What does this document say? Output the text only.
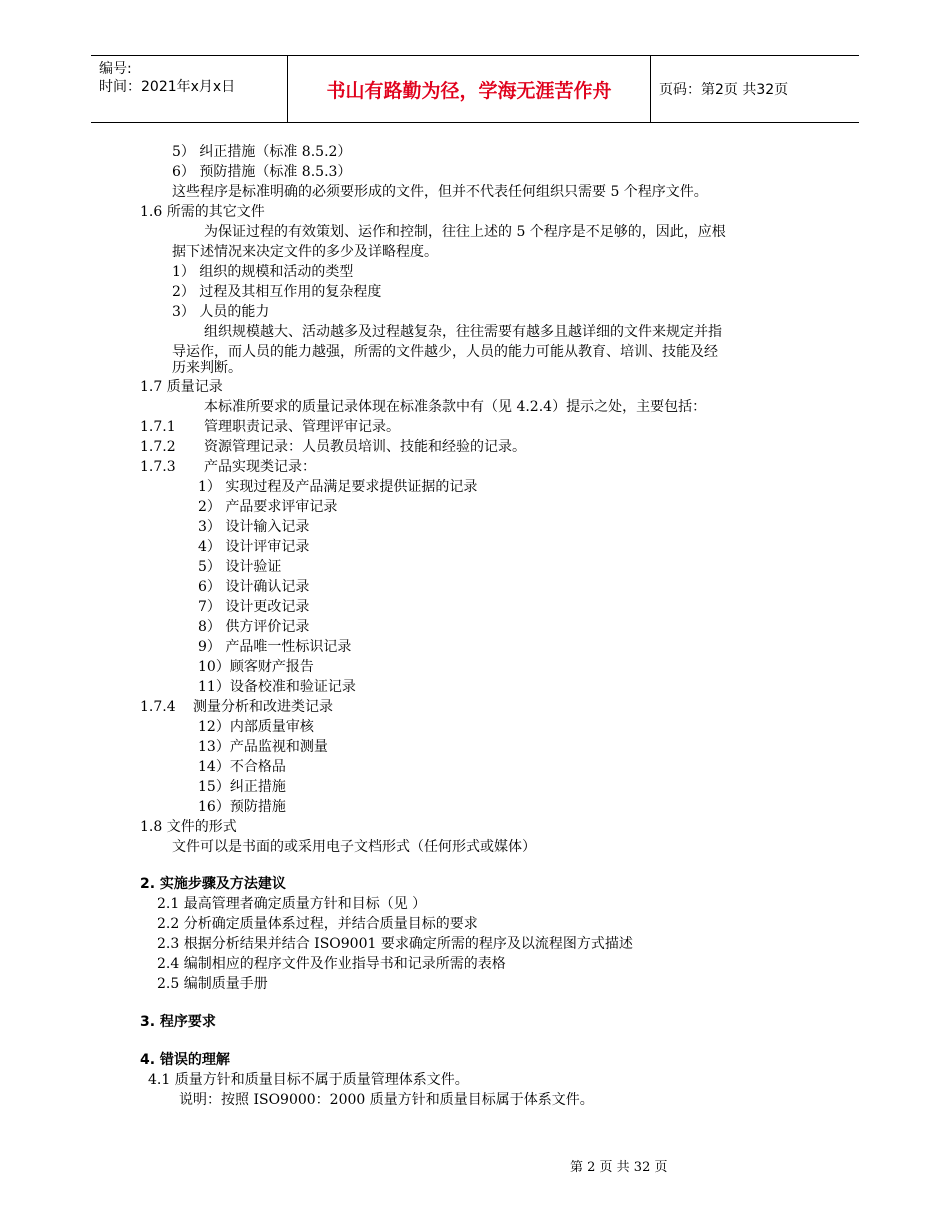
编号:
时间：2021年x月x日	书山有路勤为径，学海无涯苦作舟	页码：第2页 共32页
5） 纠正措施（标准 8.5.2）
6） 预防措施（标准 8.5.3）
这些程序是标准明确的必须要形成的文件，但并不代表任何组织只需要 5 个程序文件。
1.6 所需的其它文件
为保证过程的有效策划、运作和控制，往往上述的 5 个程序是不足够的，因此，应根
据下述情况来决定文件的多少及详略程度。
1） 组织的规模和活动的类型
2） 过程及其相互作用的复杂程度
3） 人员的能力
组织规模越大、活动越多及过程越复杂，往往需要有越多且越详细的文件来规定并指
导运作，而人员的能力越强，所需的文件越少，人员的能力可能从教育、培训、技能及经
历来判断。
1.7 质量记录
本标准所要求的质量记录体现在标准条款中有（见 4.2.4）提示之处，主要包括：
1.7.1 管理职责记录、管理评审记录。
1.7.2 资源管理记录：人员教员培训、技能和经验的记录。
1.7.3 产品实现类记录：
1） 实现过程及产品满足要求提供证据的记录
2） 产品要求评审记录
3） 设计输入记录
4） 设计评审记录
5） 设计验证
6） 设计确认记录
7） 设计更改记录
8） 供方评价记录
9） 产品唯一性标识记录
10）顾客财产报告
11）设备校准和验证记录
1.7.4 测量分析和改进类记录
12）内部质量审核
13）产品监视和测量
14）不合格品
15）纠正措施
16）预防措施
1.8 文件的形式
文件可以是书面的或采用电子文档形式（任何形式或媒体）
2. 实施步骤及方法建议
2.1 最高管理者确定质量方针和目标（见 ）
2.2 分析确定质量体系过程，并结合质量目标的要求
2.3 根据分析结果并结合 ISO9001 要求确定所需的程序及以流程图方式描述
2.4 编制相应的程序文件及作业指导书和记录所需的表格
2.5 编制质量手册
3. 程序要求
4. 错误的理解
4.1 质量方针和质量目标不属于质量管理体系文件。
说明：按照 ISO9000：2000 质量方针和质量目标属于体系文件。
第 2 页 共 32 页
